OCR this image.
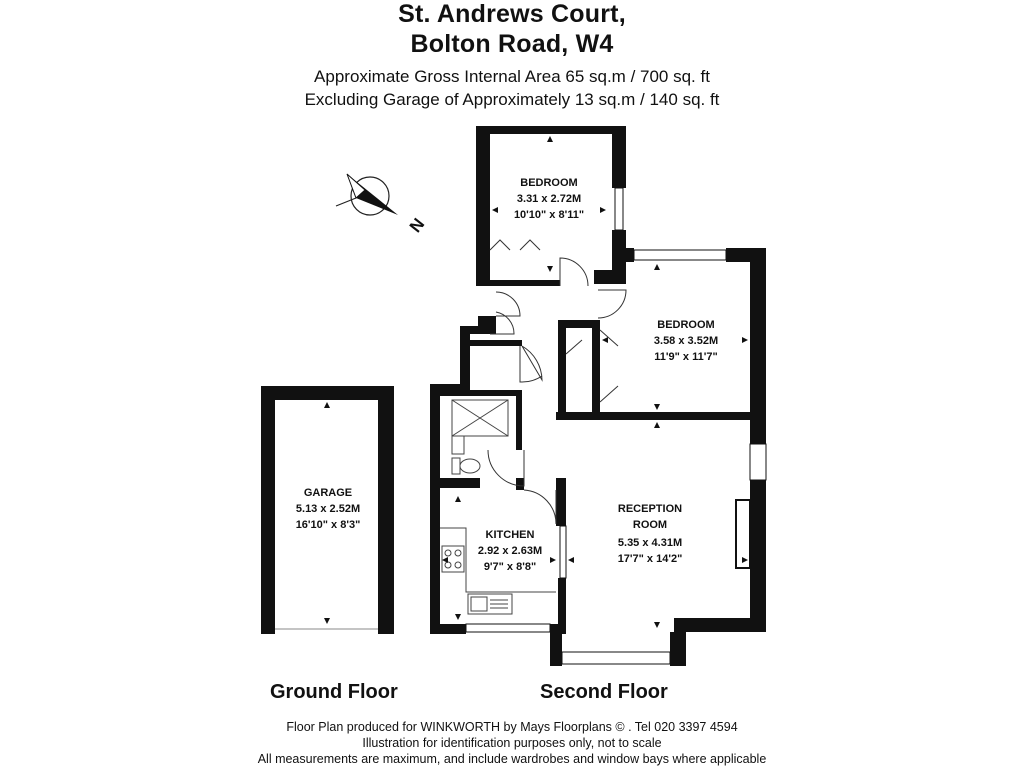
St. Andrews Court,
Bolton Road, W4
Approximate Gross Internal Area 65 sq.m / 700 sq. ft
Excluding Garage of Approximately 13 sq.m / 140 sq. ft
N
BEDROOM
3.31 x 2.72M
10'10" x 8'11"
BEDROOM
3.58 x 3.52M
11'9" x 11'7"
RECEPTION
ROOM
5.35 x 4.31M
17'7" x 14'2"
KITCHEN
2.92 x 2.63M
9'7" x 8'8"
GARAGE
5.13 x 2.52M
16'10" x 8'3"
Ground Floor	Second Floor
Floor Plan produced for WINKWORTH by Mays Floorplans © . Tel 020 3397 4594
Illustration for identification purposes only, not to scale
All measurements are maximum, and include wardrobes and window bays where applicable
